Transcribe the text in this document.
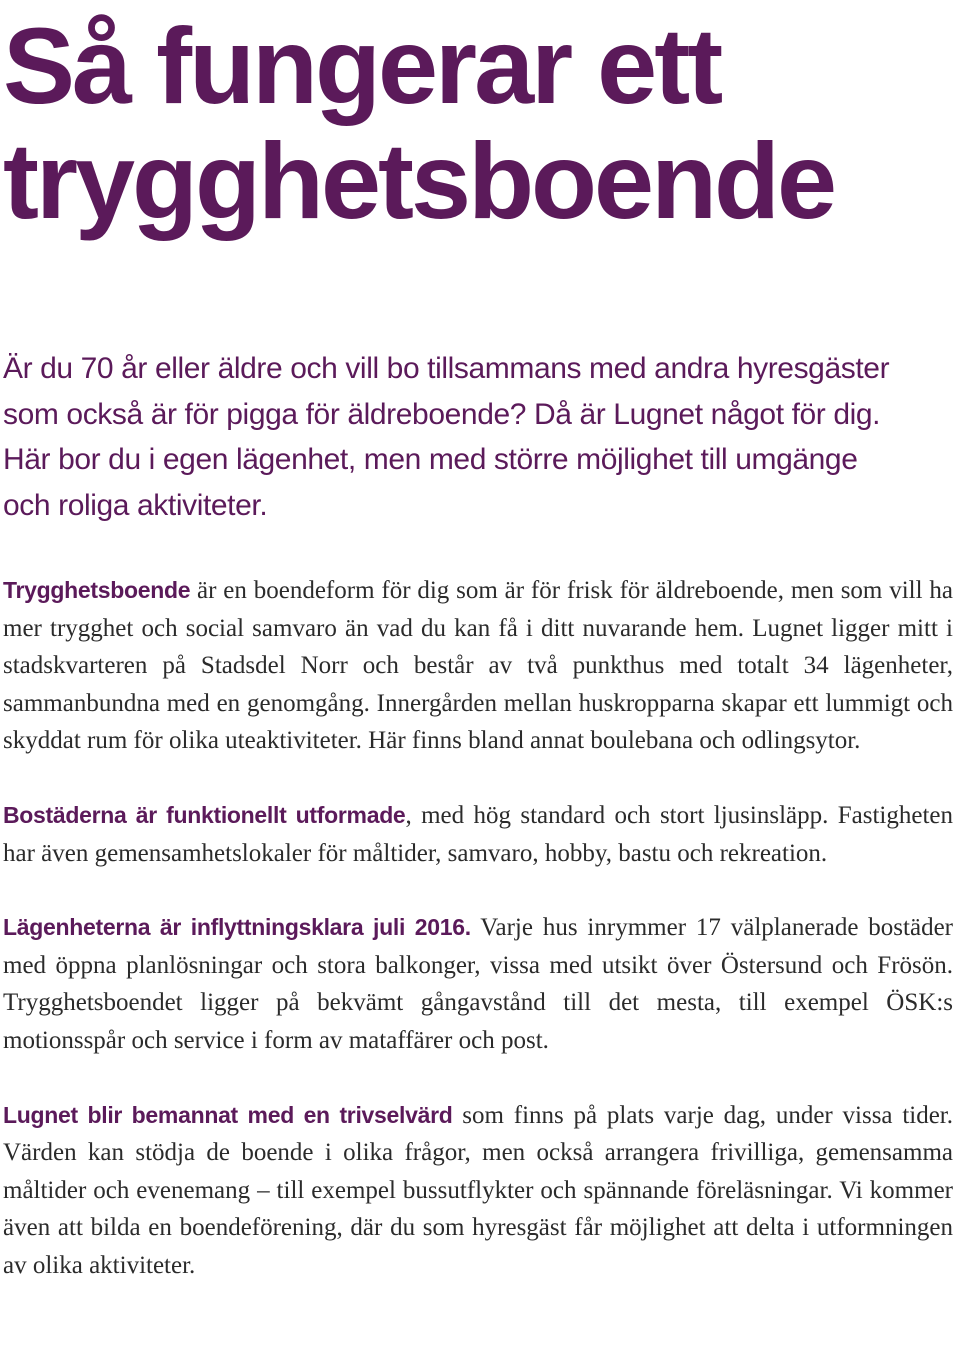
Så fungerar ett
trygghetsboende

Är du 70 år eller äldre och vill bo tillsammans med andra hyresgäster
som också är för pigga för äldreboende? Då är Lugnet något för dig.
Här bor du i egen lägenhet, men med större möjlighet till umgänge
och roliga aktiviteter.

Trygghetsboende är en boendeform för dig som är för frisk för äldreboende, men som vill ha mer trygghet och social samvaro än vad du kan få i ditt nuvarande hem. Lugnet ligger mitt i stadskvarteren på Stadsdel Norr och består av två punkthus med totalt 34 lägenheter, sammanbundna med en genomgång. Innergården mellan huskropparna skapar ett lummigt och skyddat rum för olika uteaktiviteter. Här finns bland annat boulebana och odlingsytor.

Bostäderna är funktionellt utformade, med hög standard och stort ljusinsläpp. Fastigheten har även gemensamhetslokaler för måltider, samvaro, hobby, bastu och rekreation.

Lägenheterna är inflyttningsklara juli 2016. Varje hus inrymmer 17 välplanerade bostäder med öppna planlösningar och stora balkonger, vissa med utsikt över Östersund och Frösön. Trygghetsboendet ligger på bekvämt gångavstånd till det mesta, till exempel ÖSK:s motionsspår och service i form av mataffärer och post.

Lugnet blir bemannat med en trivselvärd som finns på plats varje dag, under vissa tider. Värden kan stödja de boende i olika frågor, men också arrangera frivilliga, gemensamma måltider och evenemang – till exempel bussutflykter och spännande föreläsningar. Vi kommer även att bilda en boendeförening, där du som hyresgäst får möjlighet att delta i utformningen av olika aktiviteter.
